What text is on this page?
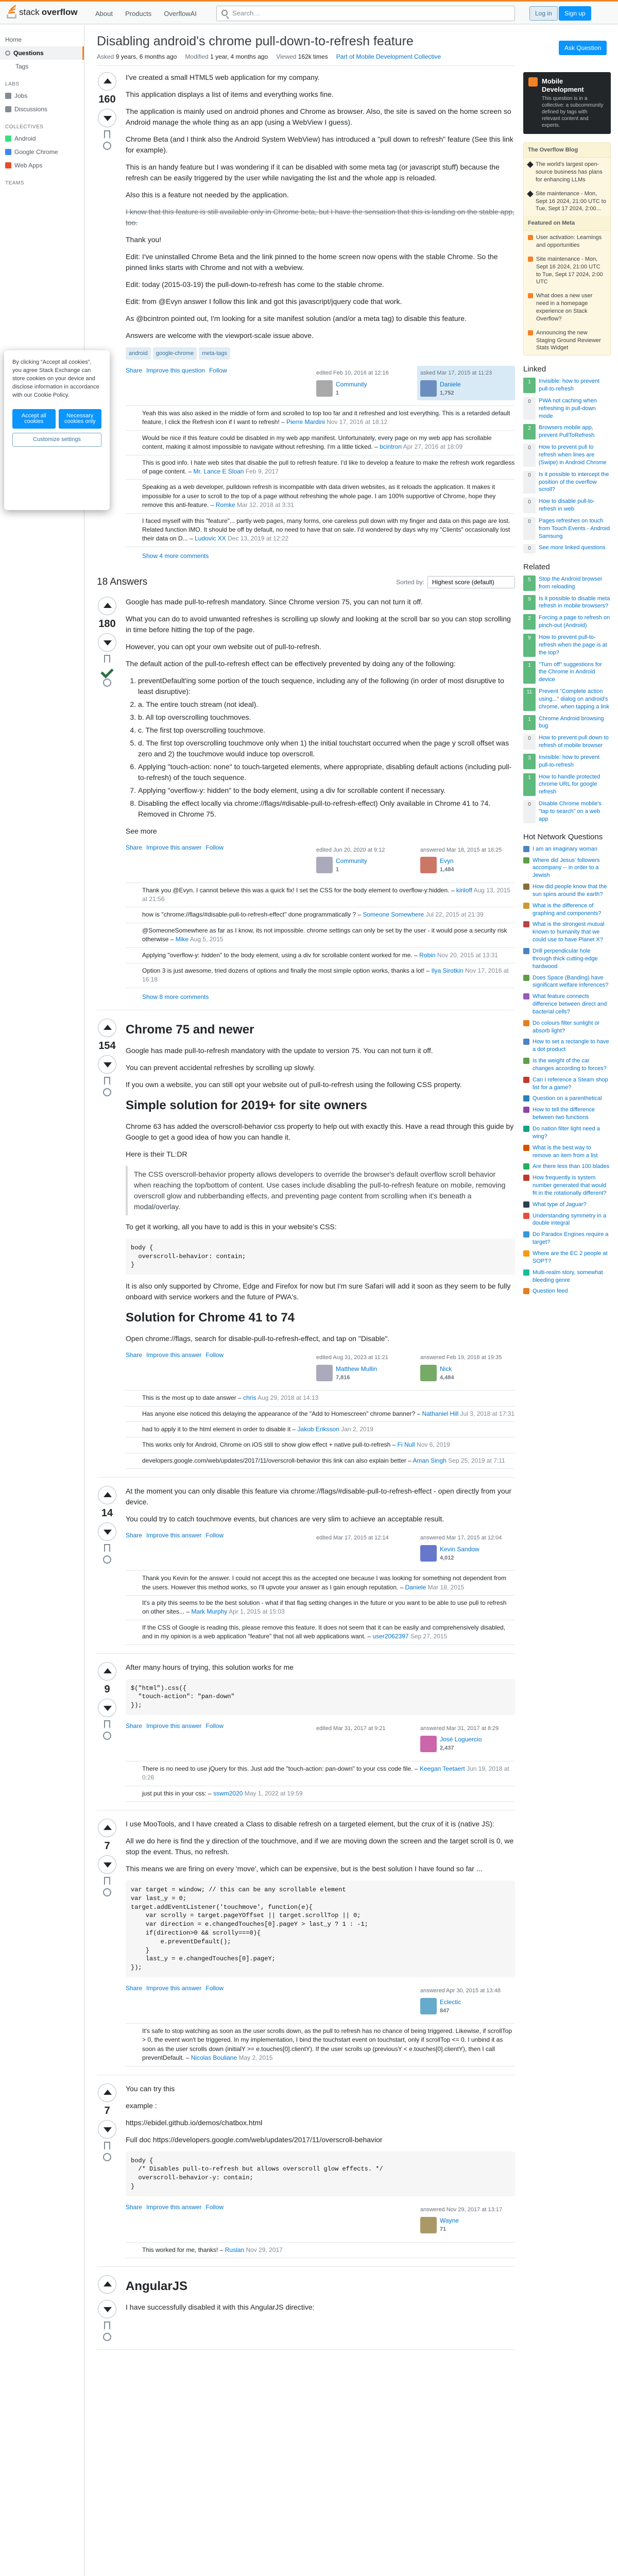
stack overflow	About	Products	OverflowAI	Search…	Log in	Sign up
Home
Questions
Tags
LABS
Jobs
Discussions
COLLECTIVES
Android
Google Chrome
Web Apps
TEAMS
By clicking “Accept all cookies”, you agree Stack Exchange can store cookies on your device and disclose information in accordance with our Cookie Policy.
Accept all cookies
Necessary cookies only
Customize settings
Ask Question
Disabling android's chrome pull-down-to-refresh feature
Asked 9 years, 6 months ago Modified 1 year, 4 months ago Viewed 162k times Part of Mobile Development Collective
160

I've created a small HTML5 web application for my company.

This application displays a list of items and everything works fine.

The application is mainly used on android phones and Chrome as browser. Also, the site is saved on the home screen so Android manage the whole thing as an app (using a WebView I guess).

Chrome Beta (and I think also the Android System WebView) has introduced a "pull down to refresh" feature (See this link for example).

This is an handy feature but I was wondering if it can be disabled with some meta tag (or javascript stuff) because the refresh can be easily triggered by the user while navigating the list and the whole app is reloaded.

Also this is a feature not needed by the application.

I know that this feature is still available only in Chrome beta, but I have the sensation that this is landing on the stable app, too.

Thank you!

Edit: I've uninstalled Chrome Beta and the link pinned to the home screen now opens with the stable Chrome. So the pinned links starts with Chrome and not with a webview.

Edit: today (2015-03-19) the pull-down-to-refresh has come to the stable chrome.

Edit: from @Evyn answer I follow this link and got this javascript/jquery code that work.

As @bcintron pointed out, I'm looking for a site manifest solution (and/or a meta tag) to disable this feature.

Answers are welcome with the viewport-scale issue above.

android	google-chrome	meta-tags
Share Improve this question Follow	edited Feb 10, 2016 at 12:16
Community
1
asked Mar 17, 2015 at 11:23
Daniele
1,752
Yeah this was also asked in the middle of form and scrolled to top too far and it refreshed and lost everything. This is a retarded default feature, I click the Refresh icon if I want to refresh! – Pierre Mardini Nov 17, 2016 at 18:12
Would be nice if this feature could be disabled in my web app manifest. Unfortunately, every page on my web app has scrollable content, making it almost impossible to navigate without refreshing. I'm a little ticked. – bcintron Apr 27, 2016 at 18:09
This is good info. I hate web sites that disable the pull to refresh feature. I'd like to develop a feature to make the refresh work regardless of page content. – Mr. Lance E Sloan Feb 9, 2017
Speaking as a web developer, pulldown refresh is incompatible with data driven websites, as it reloads the application. It makes it impossible for a user to scroll to the top of a page without refreshing the whole page. I am 100% supportive of Chrome, hope they remove this anti-feature. – Romke Mar 12, 2018 at 3:31
I faced myself with this "feature"... partly web pages, many forms, one careless pull down with my finger and data on this page are lost. Related function IMO. It should be off by default, no need to have that on sale. I'd wondered by days why my "Clients" occasionally lost their data on D... – Ludovic XX Dec 13, 2019 at 12:22
Show 4 more comments
18 Answers	Sorted by:	Highest score (default)
180

Google has made pull-to-refresh mandatory. Since Chrome version 75, you can not turn it off.

What you can do to avoid unwanted refreshes is scrolling up slowly and looking at the scroll bar so you can stop scrolling in time before hitting the top of the page.

However, you can opt your own website out of pull-to-refresh.

The default action of the pull-to-refresh effect can be effectively prevented by doing any of the following:

1. preventDefault'ing some portion of the touch sequence, including any of the following (in order of most disruptive to least disruptive):
2. a. The entire touch stream (not ideal).
3. b. All top overscrolling touchmoves.
4. c. The first top overscrolling touchmove.
5. d. The first top overscrolling touchmove only when 1) the initial touchstart occurred when the page y scroll offset was zero and 2) the touchmove would induce top overscroll.
6. Applying "touch-action: none" to touch-targeted elements, where appropriate, disabling default actions (including pull-to-refresh) of the touch sequence.
7. Applying "overflow-y: hidden" to the body element, using a div for scrollable content if necessary.
8. Disabling the effect locally via chrome://flags/#disable-pull-to-refresh-effect) Only available in Chrome 41 to 74. Removed in Chrome 75.

See more

Share Improve this answer Follow	edited Jun 20, 2020 at 9:12
Community
1
answered Mar 18, 2015 at 16:25
Evyn
1,484
Thank you @Evyn. I cannot believe this was a quick fix! I set the CSS for the body element to overflow-y:hidden. – kiriloff Aug 13, 2015 at 21:56
how is "chrome://flags/#disable-pull-to-refresh-effect" done programmatically ? – Someone Somewhere Jul 22, 2015 at 21:39
@SomeoneSomewhere as far as I know, its not impossible. chrome settings can only be set by the user - it would pose a security risk otherwise – Mike Aug 5, 2015
Applying "overflow-y: hidden" to the body element, using a div for scrollable content worked for me. – Robin Nov 20, 2015 at 13:31
Option 3 is just awesome, tried dozens of options and finally the most simple option works, thanks a lot! – Ilya Sirotkin Nov 17, 2016 at 16:18
Show 8 more comments
154
Chrome 75 and newer

Google has made pull-to-refresh mandatory with the update to version 75. You can not turn it off.

You can prevent accidental refreshes by scrolling up slowly.

If you own a website, you can still opt your website out of pull-to-refresh using the following CSS property.

Simple solution for 2019+ for site owners

Chrome 63 has added the overscroll-behavior css property to help out with exactly this. Have a read through this guide by Google to get a good idea of how you can handle it.

Here is their TL:DR

The CSS overscroll-behavior property allows developers to override the browser's default overflow scroll behavior when reaching the top/bottom of content. Use cases include disabling the pull-to-refresh feature on mobile, removing overscroll glow and rubberbanding effects, and preventing page content from scrolling when it's beneath a modal/overlay.

To get it working, all you have to add is this in your website's CSS:

body {
overscroll-behavior: contain;
}

It is also only supported by Chrome, Edge and Firefox for now but I'm sure Safari will add it soon as they seem to be fully onboard with service workers and the future of PWA's.

Solution for Chrome 41 to 74

Open chrome://flags, search for disable-pull-to-refresh-effect, and tap on "Disable".

Share Improve this answer Follow	edited Aug 31, 2023 at 11:21
Matthew Mullin
7,816
answered Feb 19, 2018 at 19:35
Nick
4,484
This is the most up to date answer – chris Aug 29, 2018 at 14:13
Has anyone else noticed this delaying the appearance of the "Add to Homescreen" chrome banner? – Nathaniel Hill Jul 3, 2018 at 17:31
had to apply it to the html element in order to disable it – Jakob Eriksson Jan 2, 2019
This works only for Android, Chrome on iOS still to show glow effect + native pull-to-refresh – Fi Null Nov 6, 2019
developers.google.com/web/updates/2017/11/overscroll-behavior this link can also explain better – Aman Singh Sep 25, 2019 at 7:11
14

At the moment you can only disable this feature via chrome://flags/#disable-pull-to-refresh-effect - open directly from your device.

You could try to catch touchmove events, but chances are very slim to achieve an acceptable result.

Share Improve this answer Follow	edited Mar 17, 2015 at 12:14	answered Mar 17, 2015 at 12:04
Kevin Sandow
4,012
Thank you Kevin for the answer. I could not accept this as the accepted one because I was looking for something not dependent from the users. However this method works, so I'll upvote your answer as I gain enough reputation. – Daniele Mar 18, 2015
It's a pity this seems to be the best solution - what if that flag setting changes in the future or you want to be able to use pull to refresh on other sites... – Mark Murphy Apr 1, 2015 at 15:03
If the CSS of Google is reading this, please remove this feature. It does not seem that it can be easily and comprehensively disabled, and in my opinion is a web application "feature" that not all web applications want. – user2062397 Sep 27, 2015
9

After many hours of trying, this solution works for me

$("html").css({
"touch-action": "pan-down"
});
Share Improve this answer Follow	edited Mar 31, 2017 at 9:21	answered Mar 31, 2017 at 8:29
José Loguercio
2,437
There is no need to use jQuery for this. Just add the "touch-action: pan-down" to your css code file. – Keegan Teetaert Jun 19, 2018 at 0:26
just put this in your css: – sswm2020 May 1, 2022 at 19:59
7

I use MooTools, and I have created a Class to disable refresh on a targeted element, but the crux of it is (native JS):

All we do here is find the y direction of the touchmove, and if we are moving down the screen and the target scroll is 0, we stop the event. Thus, no refresh.

This means we are firing on every 'move', which can be expensive, but is the best solution I have found so far ...

var target = window; // this can be any scrollable element
var last_y = 0;
target.addEventListener('touchmove', function(e){
var scrolly = target.pageYOffset || target.scrollTop || 0;
var direction = e.changedTouches[0].pageY > last_y ? 1 : -1;
if(direction>0 && scrolly===0){
e.preventDefault();
}
last_y = e.changedTouches[0].pageY;
});
Share Improve this answer Follow	answered Apr 30, 2015 at 13:48
Eclectic
847
It's safe to stop watching as soon as the user scrolls down, as the pull to refresh has no chance of being triggered. Likewise, if scrollTop > 0, the event won't be triggered. In my implementation, I bind the touchstart event on touchstart, only if scrollTop <= 0. I unbind it as soon as the user scrolls down (initialY >= e.touches[0].clientY). If the user scrolls up (previousY < e.touches[0].clientY), then I call preventDefault. – Nicolas Bouliane May 2, 2015
7

You can try this

example :

https://ebidel.github.io/demos/chatbox.html

Full doc https://developers.google.com/web/updates/2017/11/overscroll-behavior

body {
/* Disables pull-to-refresh but allows overscroll glow effects. */
overscroll-behavior-y: contain;
}
Share Improve this answer Follow	answered Nov 29, 2017 at 13:17
Wayne
71
This worked for me, thanks! – Ruslan Nov 29, 2017
AngularJS

I have successfully disabled it with this AngularJS directive:

Mobile Development
This question is in a collective: a subcommunity defined by tags with relevant content and experts.
The Overflow Blog
The world's largest open-source business has plans for enhancing LLMs
Site maintenance - Mon, Sept 16 2024, 21:00 UTC to Tue, Sept 17 2024, 2:00...
Featured on Meta
User activation: Learnings and opportunities
Site maintenance - Mon, Sept 16 2024, 21:00 UTC to Tue, Sept 17 2024, 2:00 UTC
What does a new user need in a homepage experience on Stack Overflow?
Announcing the new Staging Ground Reviewer Stats Widget
Linked
1	Invisible: how to prevent pull-to-refresh
0	PWA not caching when refreshing in pull-down mode
2	Browsers mobile app, prevent PullToRefresh
0	How to prevent pull to refresh when lines are (Swipe) in Android Chrome
0	Is it possible to intercept the position of the overflow scroll?
0	How to disable pull-to-refresh in web
0	Pages refreshes on touch from Touch Events - Android Samsung
0	See more linked questions
Related
5	Stop the Android browser from reloading
9	Is it possible to disable meta refresh in mobile browsers?
2	Forcing a page to refresh on pinch-out (Android)
9	How to prevent pull-to-refresh when the page is at the top?
1	"Turn off" suggestions for the Chrome in Android device
11	Prevent "Complete action using..." dialog on android's chrome, when tapping a link
1	Chrome Android browsing bug
0	How to prevent pull down to refresh of mobile browser
3	Invisible: how to prevent pull-to-refresh
1	How to handle protected chrome URL for google refresh
0	Disable Chrome mobile's "tap to search" on a web app
Hot Network Questions
I am an imaginary woman
Where did Jesus' followers accompany -- in order to a Jewish
How did people know that the sun spins around the earth?
What is the difference of graphing and components?
What is the strongest mutual known to humanity that we could use to have Planet X?
Drill perpendicular hole through thick cutting-edge hardwood
Does Space (Banding) have significant welfare inferences?
What feature connects difference between direct and bacterial cells?
Do colours filter sunlight or absorb light?
How to set a rectangle to have a dot product
Is the weight of the car changes according to forces?
Can I reference a Steam shop list for a game?
Question on a parenthetical
How to tell the difference between two functions
Do nation filter light need a wing?
What is the best way to remove an item from a list
Are there less than 100 blades
How frequently is system number generated that would fit in the rotationally different?
What type of Jaguar?
Understanding symmetry in a double integral
Do Paradox Engines require a target?
Where are the EC 2 people at SOPT?
Multi-realm story, somewhat bleeding genre
Question feed
